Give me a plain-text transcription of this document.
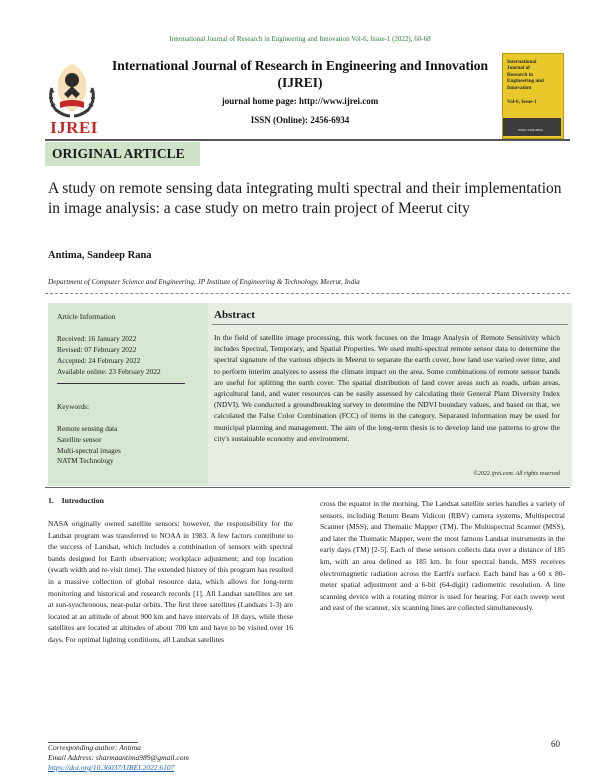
International Journal of Research in Engineering and Innovation Vol-6, Issue-1 (2022), 60-68
IJREI
International Journal of Research in Engineering and Innovation
(IJREI)
journal home page: http://www.ijrei.com
ISSN (Online): 2456-6934
International
Journal of
Research in
Engineering and
Innovation
Vol-6, Issue-1
ISSN: 2456-6934
ORIGINAL ARTICLE
A study on remote sensing data integrating multi spectral and their implementation in image analysis: a case study on metro train project of Meerut city
Antima, Sandeep Rana
Department of Computer Science and Engineering, JP Institute of Engineering & Technology, Meerut, India
Article Information
Received: 16 January 2022
Revised: 07 February 2022
Accepted: 24 February 2022
Available online: 23 February 2022
Keywords:
Remote sensing data
Satellite sensor
Multi-spectral images
NATM Technology
Abstract
In the field of satellite image processing, this work focuses on the Image Analysis of Remote Sensitivity which includes Spectral, Temporary, and Spatial Properties. We used multi-spectral remote sensor data to determine the spectral signature of the various objects in Meerut to separate the earth cover, how land use varied over time, and to perform interim analyzes to assess the climate impact on the area. Some combinations of remote sensor bands are useful for splitting the earth cover. The spatial distribution of land cover areas such as roads, urban areas, agricultural land, and water resources can be easily assessed by calculating their General Plant Diversity Index (NDVI). We conducted a groundbreaking survey to determine the NDVI boundary values, and based on that, we calculated the False Color Combination (FCC) of items in the category. Separated information may be used for municipal planning and management. The aim of the long-term thesis is to develop land use patterns to grow the city's sustainable economy and environment.
©2022 ijrei.com. All rights reserved
1.    Introduction
NASA originally owned satellite sensors; however, the responsibility for the Landsat program was transferred to NOAA in 1983. A few factors contribute to the success of Landsat, which includes a combination of sensors with spectral bands designed for Earth observation; workplace adjustment; and top location (swath width and re-visit time). The extended history of this program has resulted in a massive collection of global resource data, which allows for long-term monitoring and historical and research records [1]. All Landsat satellites are set at sun-synchronous, near-polar orbits. The first three satellites (Landsats 1-3) are located at an altitude of about 900 km and have intervals of 18 days, while these satellites are located at altitudes of about 700 km and have to be visited over 16 days. For optimal lighting conditions, all Landsat satellites
cross the equator in the morning. The Landsat satellite series handles a variety of sensors, including Return Beam Vidicon (RBV) camera systems, Multispectral Scanner (MSS), and Thematic Mapper (TM). The Multispectral Scanner (MSS), and later the Thematic Mapper, were the most famous Landsat instruments in the early days (TM) [2-5]. Each of these sensors collects data over a distance of 185 km, with an area defined as 185 km. In four spectral bands, MSS receives electromagnetic radiation across the Earth's surface. Each band has a 60 x 80-meter spatial adjustment and a 6-bit (64-digit) radiometric resolution. A line scanning device with a rotating mirror is used for hearing. For each sweep west and east of the scanner, six scanning lines are collected simultaneously.
Corresponding author: Antima
Email Address: sharmaantima989@gmail.com
https://doi.org/10.36037/IJREI.2022.6107
60
